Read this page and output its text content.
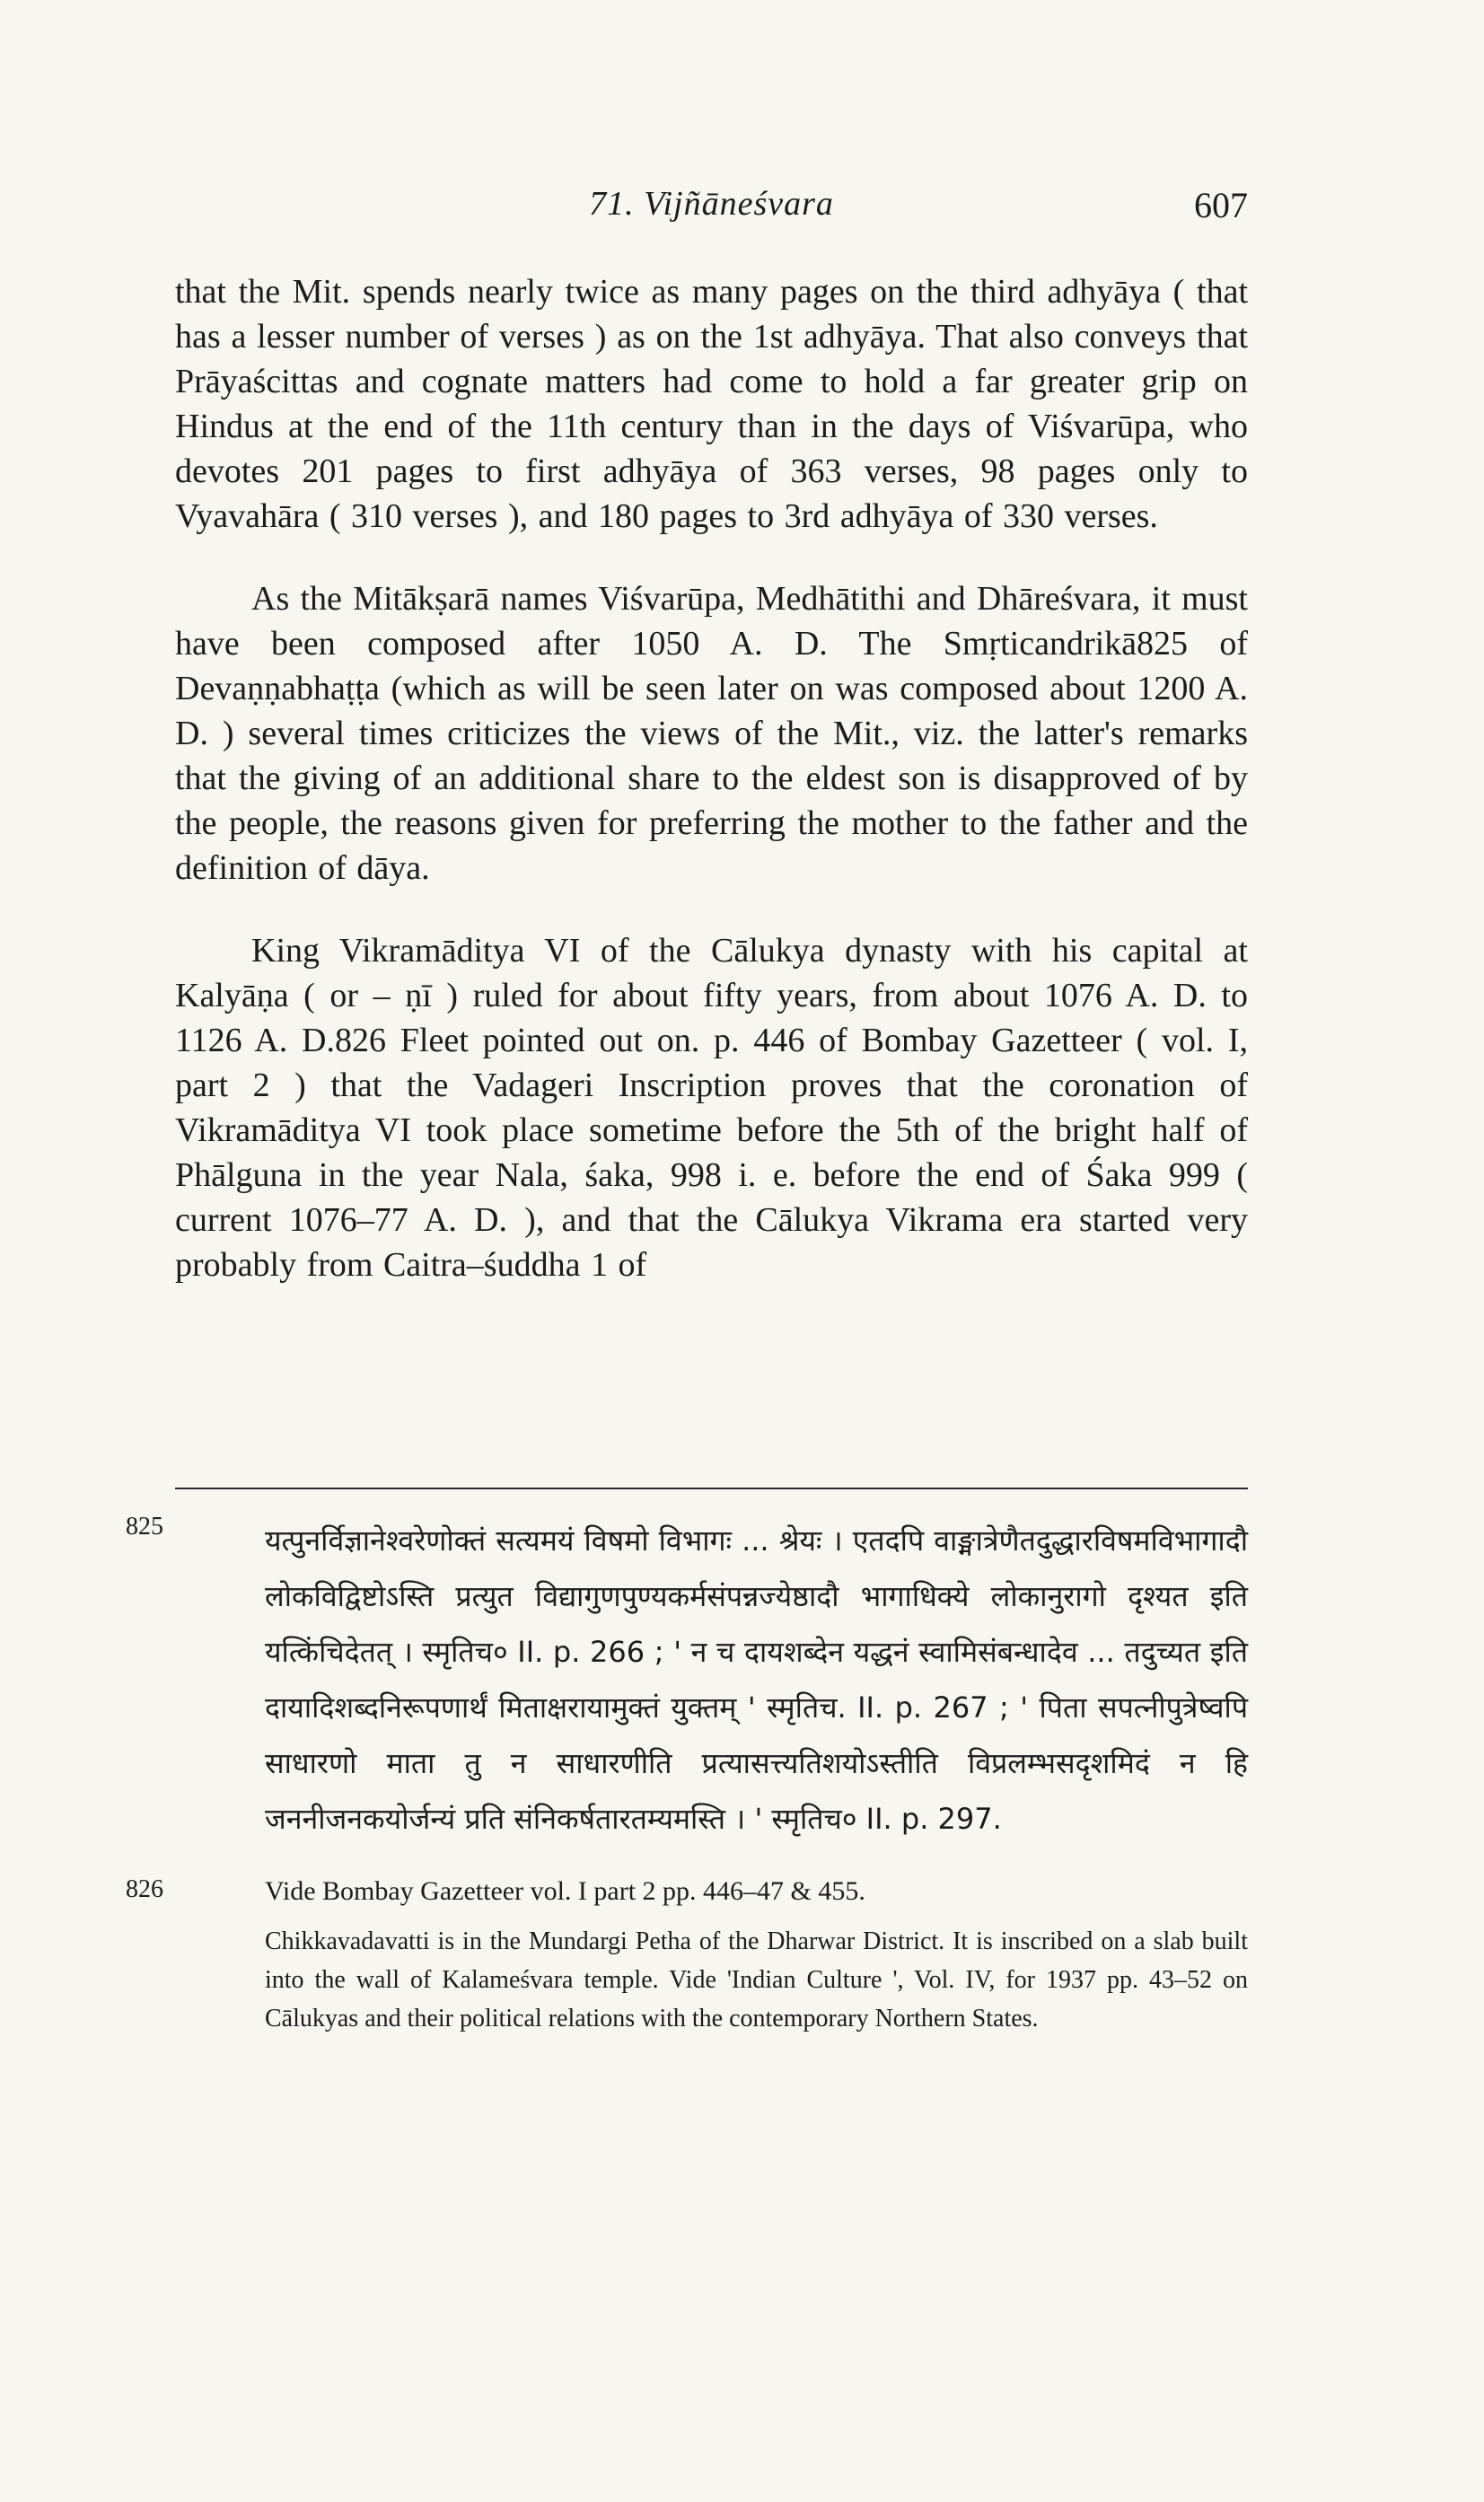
71. Vijñāneśvara	607

that the Mit. spends nearly twice as many pages on the third adhyāya ( that has a lesser number of verses ) as on the 1st adhyāya. That also conveys that Prāyaścittas and cognate matters had come to hold a far greater grip on Hindus at the end of the 11th century than in the days of Viśvarūpa, who devotes 201 pages to first adhyāya of 363 verses, 98 pages only to Vyavahāra ( 310 verses ), and 180 pages to 3rd adhyāya of 330 verses.

As the Mitākṣarā names Viśvarūpa, Medhātithi and Dhāreśvara, it must have been composed after 1050 A. D. The Smṛticandrikā825 of Devaṇṇabhaṭṭa (which as will be seen later on was composed about 1200 A. D. ) several times criticizes the views of the Mit., viz. the latter's remarks that the giving of an additional share to the eldest son is disapproved of by the people, the reasons given for preferring the mother to the father and the definition of dāya.

King Vikramāditya VI of the Cālukya dynasty with his capital at Kalyāṇa ( or – ṇī ) ruled for about fifty years, from about 1076 A. D. to 1126 A. D.826 Fleet pointed out on. p. 446 of Bombay Gazetteer ( vol. I, part 2 ) that the Vadageri Inscription proves that the coronation of Vikramāditya VI took place sometime before the 5th of the bright half of Phālguna in the year Nala, śaka, 998 i. e. before the end of Śaka 999 ( current 1076–77 A. D. ), and that the Cālukya Vikrama era started very probably from Caitra–śuddha 1 of

825	यत्पुनर्विज्ञानेश्वरेणोक्तं सत्यमयं विषमो विभागः ... श्रेयः । एतदपि वाङ्मात्रेणैतदुद्धारविषमविभागादौ लोकविद्विष्टोऽस्ति प्रत्युत विद्यागुणपुण्यकर्मसंपन्नज्येष्ठादौ भागाधिक्ये लोकानुरागो दृश्यत इति यत्किंचिदेतत् । स्मृतिच० II. p. 266 ; ' न च दायशब्देन यद्धनं स्वामिसंबन्धादेव ... तदुच्यत इति दायादिशब्दनिरूपणार्थं मिताक्षरायामुक्तं युक्तम् ' स्मृतिच. II. p. 267 ; ' पिता सपत्नीपुत्रेष्वपि साधारणो माता तु न साधारणीति प्रत्यासत्त्यतिशयोऽस्तीति विप्रलम्भसदृशमिदं न हि जननीजनकयोर्जन्यं प्रति संनिकर्षतारतम्यमस्ति । ' स्मृतिच० II. p. 297.
826	Vide Bombay Gazetteer vol. I part 2 pp. 446–47 & 455.
Chikkavadavatti is in the Mundargi Petha of the Dharwar District. It is inscribed on a slab built into the wall of Kalameśvara temple. Vide 'Indian Culture ', Vol. IV, for 1937 pp. 43–52 on Cālukyas and their political relations with the contemporary Northern States.
